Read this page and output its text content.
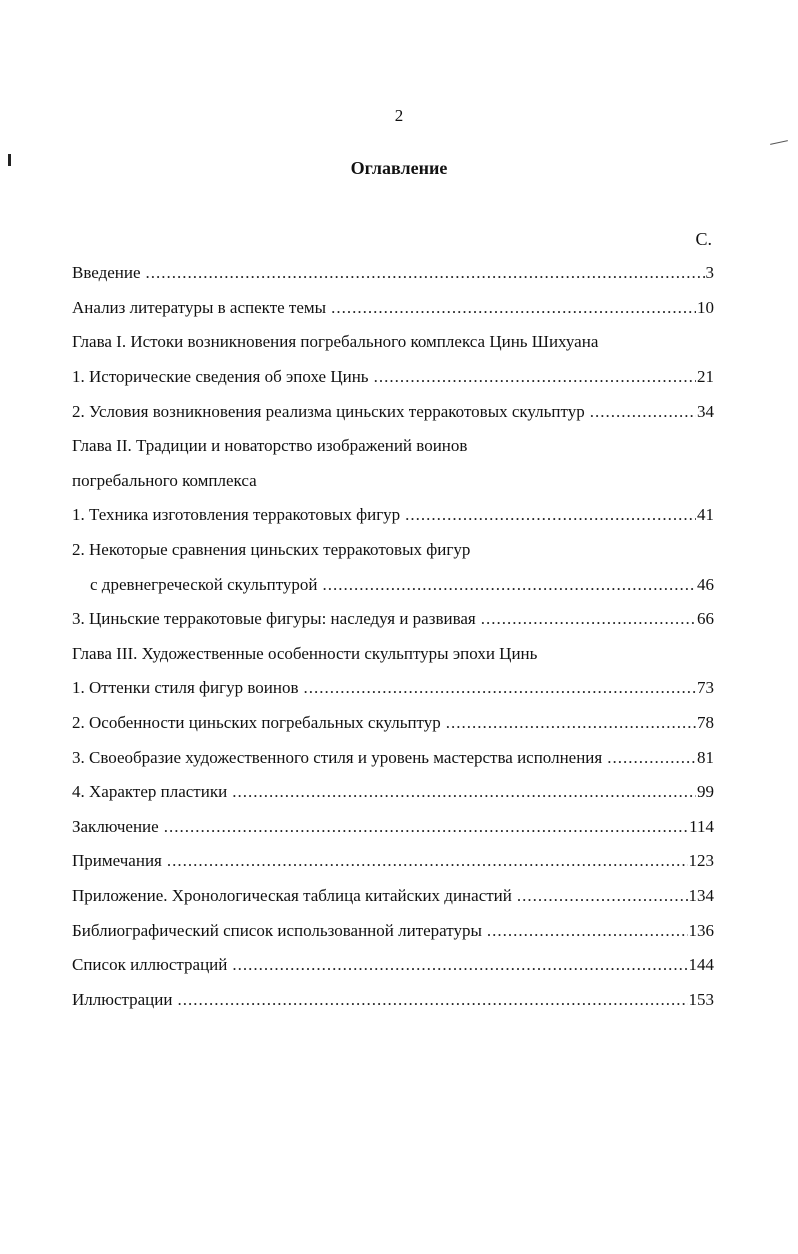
2
Оглавление
С.
Введение .....	3
Анализ литературы в аспекте темы .....	10
Глава I. Истоки возникновения погребального комплекса Цинь Шихуана
1. Исторические сведения об эпохе Цинь .....	21
2. Условия возникновения реализма циньских терракотовых скульптур .....	34
Глава II. Традиции и новаторство изображений воинов
погребального комплекса
1. Техника изготовления терракотовых фигур .....	41
2. Некоторые сравнения циньских терракотовых фигур
с древнегреческой скульптурой .....	46
3. Циньские терракотовые фигуры: наследуя и развивая .....	66
Глава III. Художественные особенности скульптуры эпохи Цинь
1. Оттенки стиля фигур воинов .....	73
2. Особенности циньских погребальных скульптур .....	78
3. Своеобразие художественного стиля и уровень мастерства исполнения .....	81
4. Характер пластики .....	99
Заключение .....	114
Примечания .....	123
Приложение. Хронологическая таблица китайских династий .....	134
Библиографический список использованной литературы .....	136
Список иллюстраций .....	144
Иллюстрации .....	153
